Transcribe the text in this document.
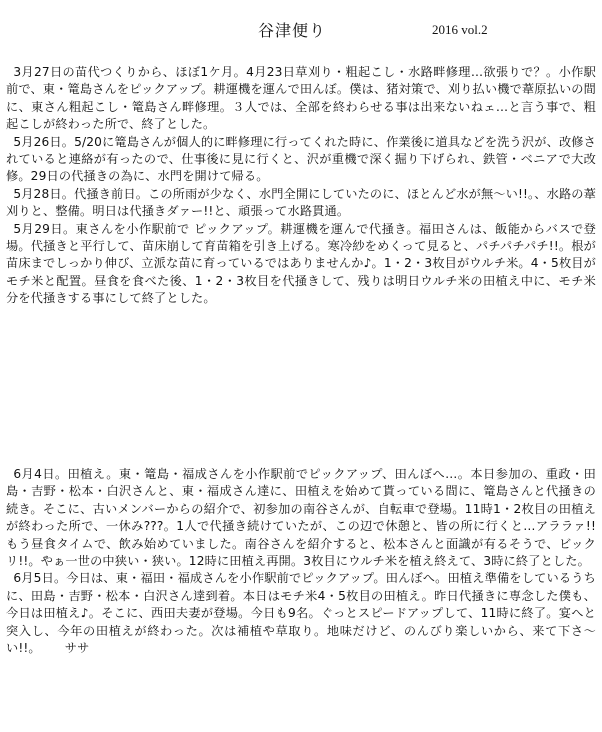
谷津便り	2016 vol.2

3月27日の苗代つくりから、ほぼ1ケ月。4月23日草刈り・粗起こし・水路畔修理…欲張りで？。小作駅前で、東・篭島さんをピックアップ。耕運機を運んで田んぼ。僕は、猪対策で、刈り払い機で葦原払いの間に、東さん粗起こし・篭島さん畔修理。３人では、全部を終わらせる事は出来ないねェ…と言う事で、粗起こしが終わった所で、終了とした。

5月26日。5/20に篭島さんが個人的に畔修理に行ってくれた時に、作業後に道具などを洗う沢が、改修されていると連絡が有ったので、仕事後に見に行くと、沢が重機で深く掘り下げられ、鉄管・ベニアで大改修。29日の代掻きの為に、水門を開けて帰る。

5月28日。代掻き前日。この所雨が少なく、水門全開にしていたのに、ほとんど水が無～い!!。、水路の葦刈りと、整備。明日は代掻きダァー!!と、頑張って水路貫通。

5月29日。東さんを小作駅前で ピックアップ。耕運機を運んで代掻き。福田さんは、飯能からバスで登場。代掻きと平行して、苗床崩して育苗箱を引き上げる。寒冷紗をめくって見ると、パチパチパチ!!。根が苗床までしっかり伸び、立派な苗に育っているではありませんか♪。1・2・3枚目がウルチ米。4・5枚目がモチ米と配置。昼食を食べた後、1・2・3枚目を代掻きして、残りは明日ウルチ米の田植え中に、モチ米分を代掻きする事にして終了とした。

6月4日。田植え。東・篭島・福成さんを小作駅前でピックアップ、田んぼへ…。本日参加の、重政・田島・吉野・松本・白沢さんと、東・福成さん達に、田植えを始めて貰っている間に、篭島さんと代掻きの続き。そこに、古いメンバーからの紹介で、初参加の南谷さんが、自転車で登場。11時1・2枚目の田植えが終わった所で、一休み???。1人で代掻き続けていたが、この辺で休憩と、皆の所に行くと…アララァ!!もう昼食タイムで、飲み始めていました。南谷さんを紹介すると、松本さんと面識が有るそうで、ビックリ!!。やぁ一世の中狭い・狭い。12時に田植え再開。3枚目にウルチ米を植え終えて、3時に終了とした。

6月5日。今日は、東・福田・福成さんを小作駅前でピックアップ。田んぼへ。田植え準備をしているうちに、田島・吉野・松本・白沢さん達到着。本日はモチ米4・5枚目の田植え。昨日代掻きに専念した僕も、今日は田植え♪。そこに、西田夫妻が登場。今日も9名。ぐっとスピードアップして、11時に終了。宴へと突入し、今年の田植えが終わった。次は補植や草取り。地味だけど、のんびり楽しいから、来て下さ～い!!。 ササ
